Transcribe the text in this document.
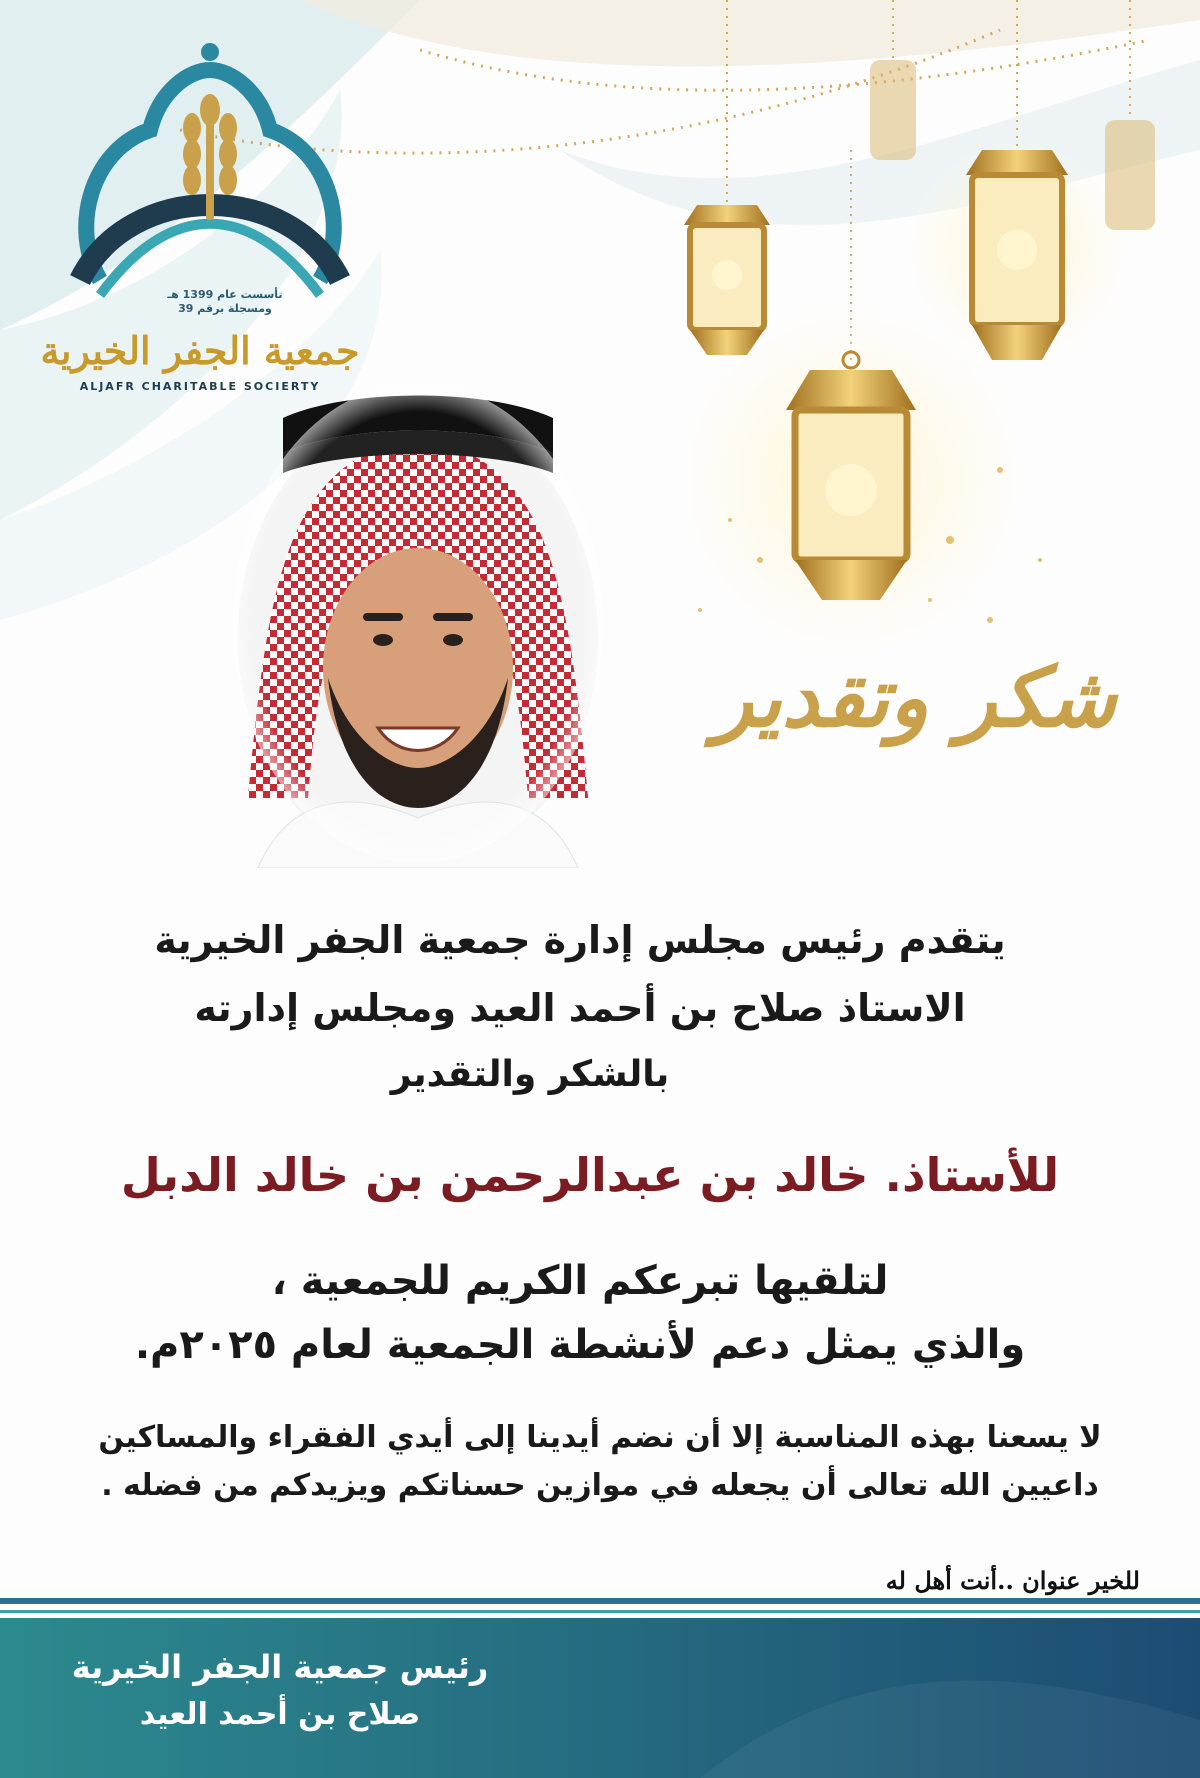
تأسست عام 1399 هـ
ومسجلة برقم 39
جمعية الجفر الخيرية
ALJAFR CHARITABLE SOCIERTY
شكر وتقدير
يتقدم رئيس مجلس إدارة جمعية الجفر الخيرية
الاستاذ صلاح بن أحمد العيد ومجلس إدارته
بالشكر والتقدير
للأستاذ. خالد بن عبدالرحمن بن خالد الدبل
لتلقيها تبرعكم الكريم للجمعية ،
والذي يمثل دعم لأنشطة الجمعية لعام ٢٠٢٥م.
لا يسعنا بهذه المناسبة إلا أن نضم أيدينا إلى أيدي الفقراء والمساكين
داعيين الله تعالى أن يجعله في موازين حسناتكم ويزيدكم من فضله .
للخير عنوان ..أنت أهل له
رئيس جمعية الجفر الخيرية
صلاح بن أحمد العيد
